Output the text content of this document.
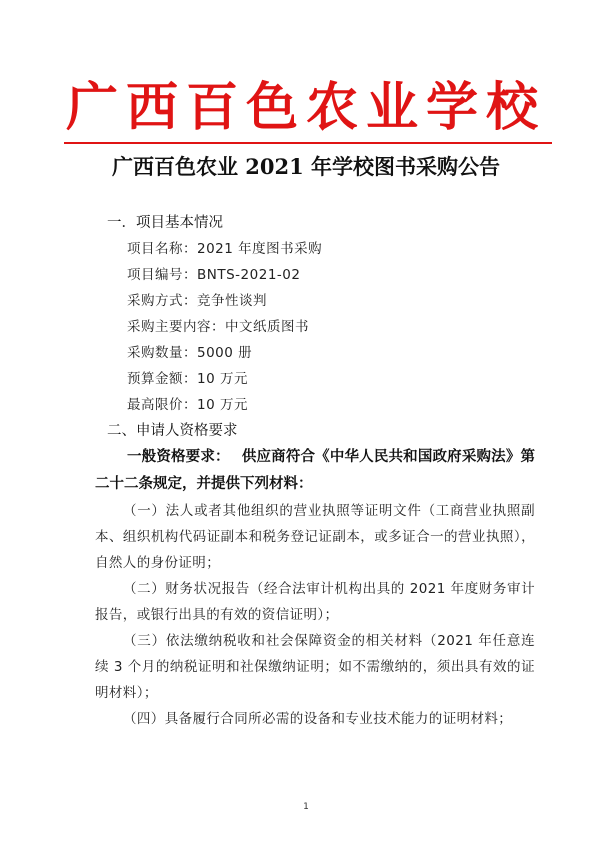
广西百色农业学校
广西百色农业 2021 年学校图书采购公告
一．项目基本情况
项目名称：2021 年度图书采购
项目编号：BNTS-2021-02
采购方式：竞争性谈判
采购主要内容：中文纸质图书
采购数量：5000 册
预算金额：10 万元
最高限价：10 万元
二、申请人资格要求
一般资格要求： 供应商符合《中华人民共和国政府采购法》第二十二条规定，并提供下列材料：
（一）法人或者其他组织的营业执照等证明文件（工商营业执照副本、组织机构代码证副本和税务登记证副本，或多证合一的营业执照），自然人的身份证明；
（二）财务状况报告（经合法审计机构出具的 2021 年度财务审计报告，或银行出具的有效的资信证明）；
（三）依法缴纳税收和社会保障资金的相关材料（2021 年任意连续 3 个月的纳税证明和社保缴纳证明；如不需缴纳的，须出具有效的证明材料）；
（四）具备履行合同所必需的设备和专业技术能力的证明材料；
1
